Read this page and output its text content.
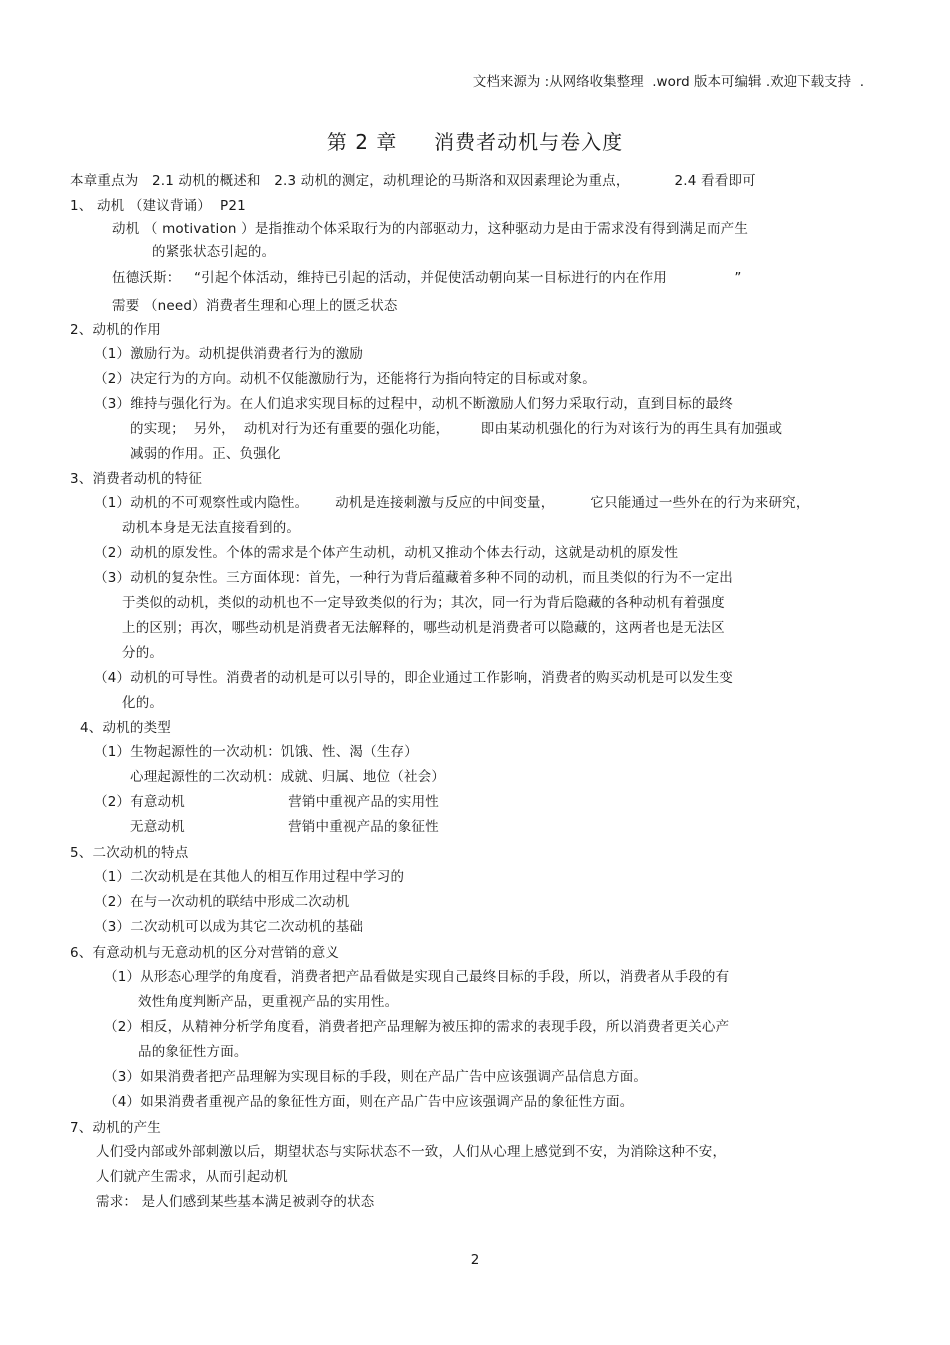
文档来源为 :从网络收集整理  .word 版本可编辑 .欢迎下载支持  .
第 2 章     消费者动机与卷入度
本章重点为   2.1 动机的概述和   2.3 动机的测定，动机理论的马斯洛和双因素理论为重点，          2.4 看看即可
1、 动机 （建议背诵）  P21
动机 （ motivation ）是指推动个体采取行为的内部驱动力，这种驱动力是由于需求没有得到满足而产生
的紧张状态引起的。
伍德沃斯：   “引起个体活动，维持已引起的活动，并促使活动朝向某一目标进行的内在作用               ”
需要 （need）消费者生理和心理上的匮乏状态
2、动机的作用
（1）激励行为。动机提供消费者行为的激励
（2）决定行为的方向。动机不仅能激励行为，还能将行为指向特定的目标或对象。
（3）维持与强化行为。在人们追求实现目标的过程中，动机不断激励人们努力采取行动，直到目标的最终
的实现；  另外，  动机对行为还有重要的强化功能，       即由某动机强化的行为对该行为的再生具有加强或
减弱的作用。正、负强化
3、消费者动机的特征
（1）动机的不可观察性或内隐性。      动机是连接刺激与反应的中间变量，        它只能通过一些外在的行为来研究，
动机本身是无法直接看到的。
（2）动机的原发性。个体的需求是个体产生动机，动机又推动个体去行动，这就是动机的原发性
（3）动机的复杂性。三方面体现：首先，一种行为背后蕴藏着多种不同的动机，而且类似的行为不一定出
于类似的动机，类似的动机也不一定导致类似的行为；其次，同一行为背后隐藏的各种动机有着强度
上的区别；再次，哪些动机是消费者无法解释的，哪些动机是消费者可以隐藏的，这两者也是无法区
分的。
（4）动机的可导性。消费者的动机是可以引导的，即企业通过工作影响，消费者的购买动机是可以发生变
化的。
4、动机的类型
（1）生物起源性的一次动机：饥饿、性、渴（生存）
心理起源性的二次动机：成就、归属、地位（社会）
（2）有意动机                       营销中重视产品的实用性
无意动机                       营销中重视产品的象征性
5、二次动机的特点
（1）二次动机是在其他人的相互作用过程中学习的
（2）在与一次动机的联结中形成二次动机
（3）二次动机可以成为其它二次动机的基础
6、有意动机与无意动机的区分对营销的意义
（1）从形态心理学的角度看，消费者把产品看做是实现自己最终目标的手段，所以，消费者从手段的有
效性角度判断产品，更重视产品的实用性。
（2）相反，从精神分析学角度看，消费者把产品理解为被压抑的需求的表现手段，所以消费者更关心产
品的象征性方面。
（3）如果消费者把产品理解为实现目标的手段，则在产品广告中应该强调产品信息方面。
（4）如果消费者重视产品的象征性方面，则在产品广告中应该强调产品的象征性方面。
7、动机的产生
人们受内部或外部刺激以后，期望状态与实际状态不一致，人们从心理上感觉到不安，为消除这种不安，
人们就产生需求，从而引起动机
需求： 是人们感到某些基本满足被剥夺的状态
2
